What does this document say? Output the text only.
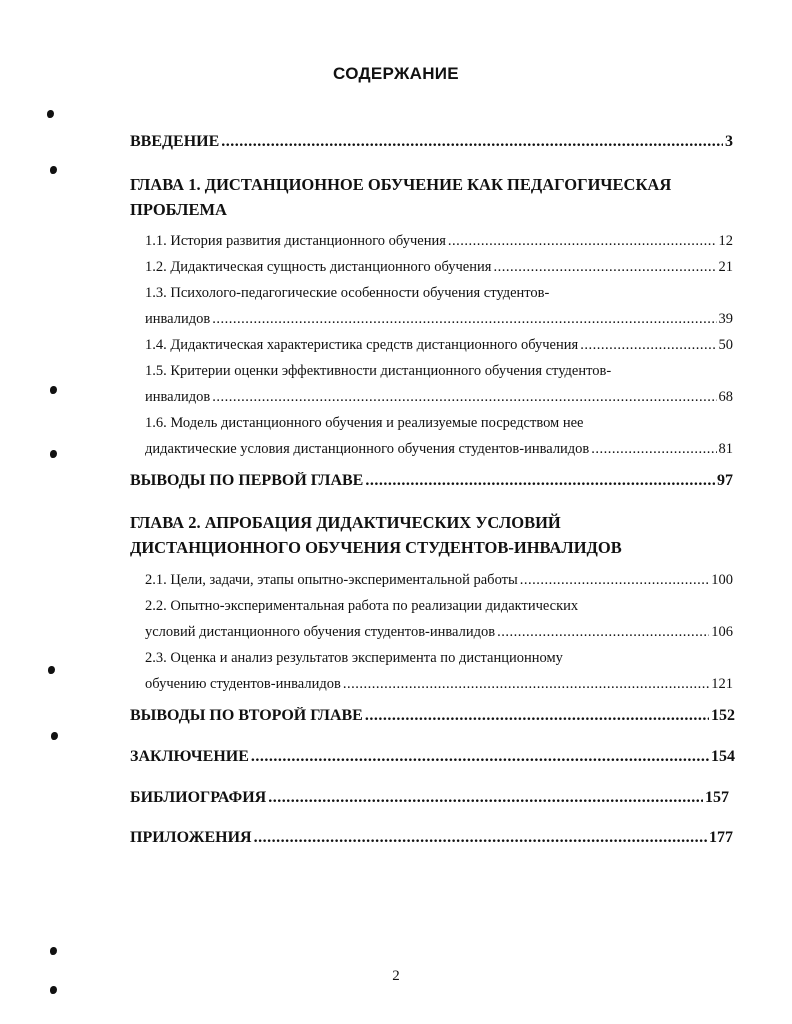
СОДЕРЖАНИЕ
ВВЕДЕНИЕ .....	3
ГЛАВА 1. ДИСТАНЦИОННОЕ ОБУЧЕНИЕ КАК ПЕДАГОГИЧЕСКАЯ
ПРОБЛЕМА
1.1. История развития дистанционного обучения .....	12
1.2. Дидактическая сущность дистанционного обучения .....	21
1.3. Психолого-педагогические особенности обучения студентов-
инвалидов .....	39
1.4. Дидактическая характеристика средств дистанционного обучения .....	50
1.5. Критерии оценки эффективности дистанционного обучения студентов-
инвалидов .....	68
1.6. Модель дистанционного обучения и реализуемые посредством нее
дидактические условия дистанционного обучения студентов-инвалидов .....	81
ВЫВОДЫ ПО ПЕРВОЙ ГЛАВЕ .....	97
ГЛАВА 2. АПРОБАЦИЯ ДИДАКТИЧЕСКИХ УСЛОВИЙ
ДИСТАНЦИОННОГО ОБУЧЕНИЯ СТУДЕНТОВ-ИНВАЛИДОВ
2.1. Цели, задачи, этапы опытно-экспериментальной работы .....	100
2.2. Опытно-экспериментальная работа по реализации дидактических
условий дистанционного обучения студентов-инвалидов .....	106
2.3. Оценка и анализ результатов эксперимента по дистанционному
обучению студентов-инвалидов .....	121
ВЫВОДЫ ПО ВТОРОЙ ГЛАВЕ .....	152
ЗАКЛЮЧЕНИЕ .....	154
БИБЛИОГРАФИЯ .....	157
ПРИЛОЖЕНИЯ .....	177
2
